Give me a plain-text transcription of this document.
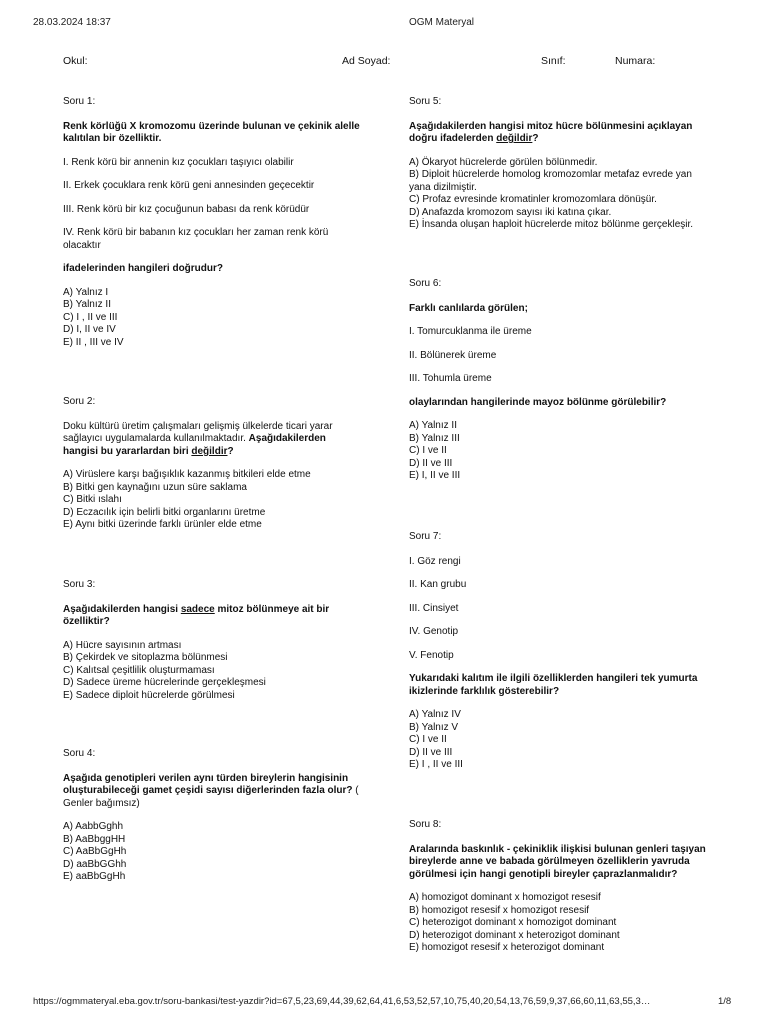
28.03.2024 18:37	OGM Materyal
Okul:	Ad Soyad:	Sınıf:	Numara:
Soru 1:
Renk körlüğü X kromozomu üzerinde bulunan ve çekinik alelle kalıtılan bir özelliktir.
I. Renk körü bir annenin kız çocukları taşıyıcı olabilir
II. Erkek çocuklara renk körü geni annesinden geçecektir
III. Renk körü bir kız çocuğunun babası da renk körüdür
IV. Renk körü bir babanın kız çocukları her zaman renk körü olacaktır
ifadelerinden hangileri doğrudur?
A) Yalnız I
B) Yalnız II
C) I , II ve III
D) I, II ve IV
E) II , III ve IV
Soru 2:
Doku kültürü üretim çalışmaları gelişmiş ülkelerde ticari yarar sağlayıcı uygulamalarda kullanılmaktadır. Aşağıdakilerden hangisi bu yararlardan biri değildir?
A) Virüslere karşı bağışıklık kazanmış bitkileri elde etme
B) Bitki gen kaynağını uzun süre saklama
C) Bitki ıslahı
D) Eczacılık için belirli bitki organlarını üretme
E) Aynı bitki üzerinde farklı ürünler elde etme
Soru 3:
Aşağıdakilerden hangisi sadece mitoz bölünmeye ait bir özelliktir?
A) Hücre sayısının artması
B) Çekirdek ve sitoplazma bölünmesi
C) Kalıtsal çeşitlilik oluşturmaması
D) Sadece üreme hücrelerinde gerçekleşmesi
E) Sadece diploit hücrelerde görülmesi
Soru 4:
Aşağıda genotipleri verilen aynı türden bireylerin hangisinin oluşturabileceği gamet çeşidi sayısı diğerlerinden fazla olur? ( Genler bağımsız)
A) AabbGghh
B) AaBbggHH
C) AaBbGgHh
D) aaBbGGhh
E) aaBbGgHh
Soru 5:
Aşağıdakilerden hangisi mitoz hücre bölünmesini açıklayan doğru ifadelerden değildir?
A) Ökaryot hücrelerde görülen bölünmedir.
B) Diploit hücrelerde homolog kromozomlar metafaz evrede yan yana dizilmiştir.
C) Profaz evresinde kromatinler kromozomlara dönüşür.
D) Anafazda kromozom sayısı iki katına çıkar.
E) İnsanda oluşan haploit hücrelerde mitoz bölünme gerçekleşir.
Soru 6:
Farklı canlılarda görülen;
I. Tomurcuklanma ile üreme
II. Bölünerek üreme
III. Tohumla üreme
olaylarından hangilerinde mayoz bölünme görülebilir?
A) Yalnız II
B) Yalnız III
C) I ve II
D) II ve III
E) I, II ve III
Soru 7:
I. Göz rengi
II. Kan grubu
III. Cinsiyet
IV. Genotip
V. Fenotip
Yukarıdaki kalıtım ile ilgili özelliklerden hangileri tek yumurta ikizlerinde farklılık gösterebilir?
A) Yalnız IV
B) Yalnız V
C) I ve II
D) II ve III
E) I , II ve III
Soru 8:
Aralarında baskınlık - çekiniklik ilişkisi bulunan genleri taşıyan bireylerde anne ve babada görülmeyen özelliklerin yavruda görülmesi için hangi genotipli bireyler çaprazlanmalıdır?
A) homozigot dominant x homozigot resesif
B) homozigot resesif x homozigot resesif
C) heterozigot dominant x homozigot dominant
D) heterozigot dominant x heterozigot dominant
E) homozigot resesif x heterozigot dominant
https://ogmmateryal.eba.gov.tr/soru-bankasi/test-yazdir?id=67,5,23,69,44,39,62,64,41,6,53,52,57,10,75,40,20,54,13,76,59,9,37,66,60,11,63,55,3…	1/8
